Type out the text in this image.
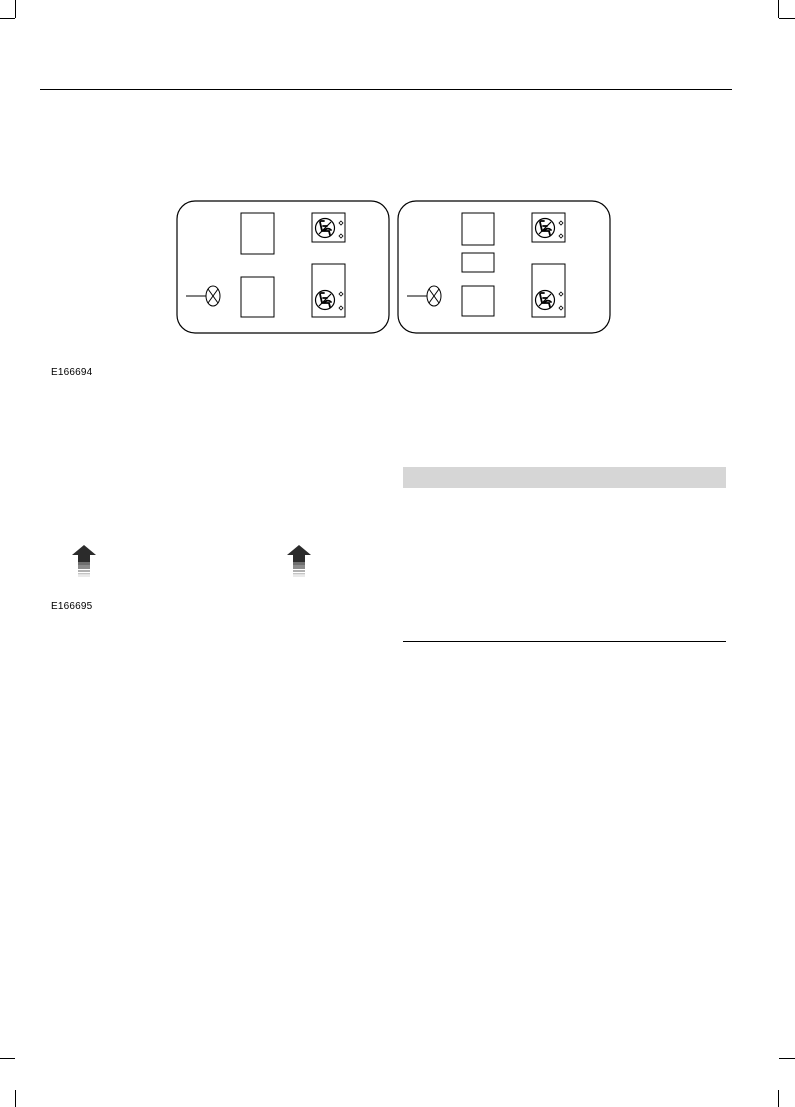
E166694
E166695
